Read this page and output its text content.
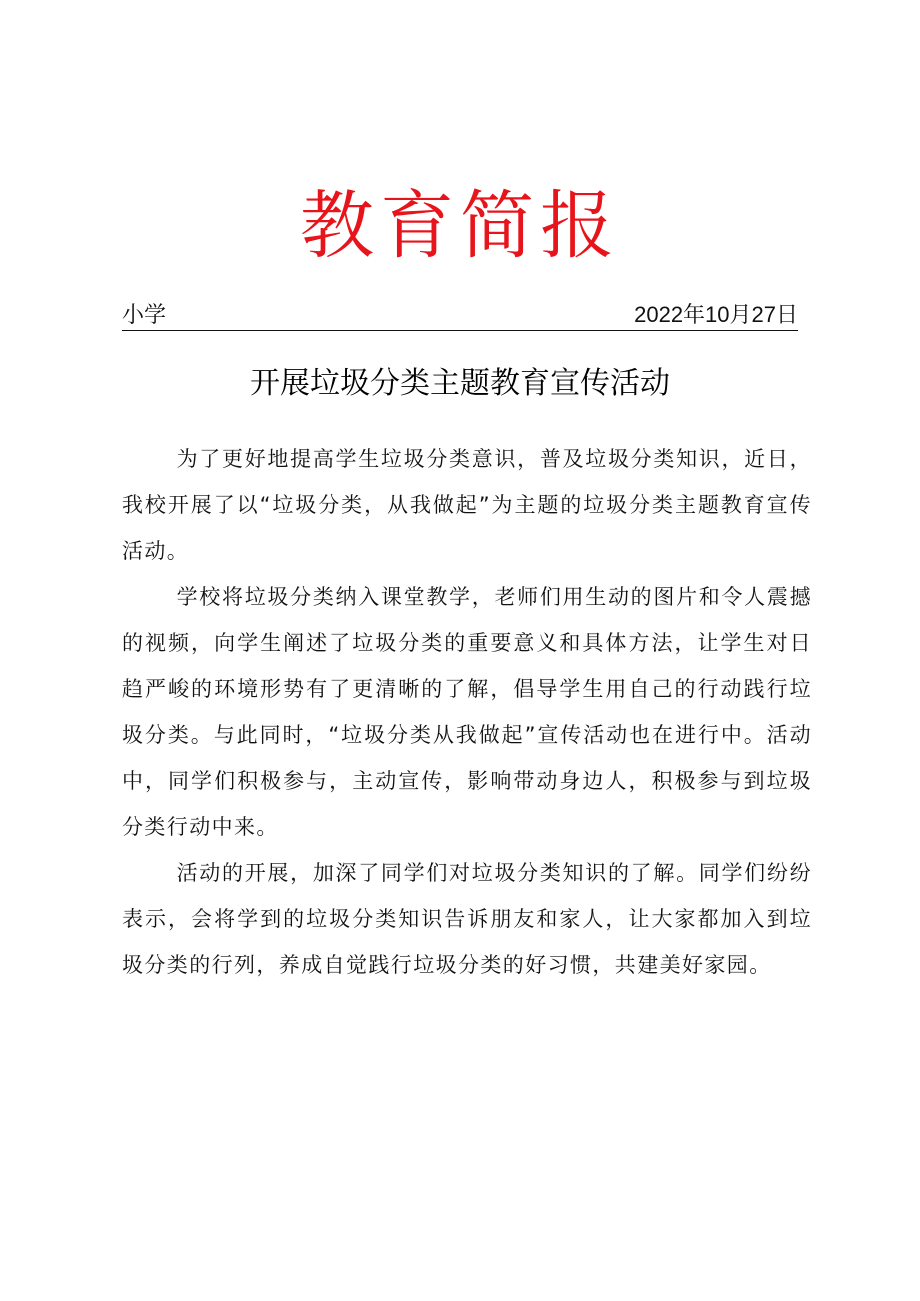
教育简报
小学	2022年10月27日
开展垃圾分类主题教育宣传活动

为了更好地提高学生垃圾分类意识，普及垃圾分类知识，近日，我校开展了以“垃圾分类，从我做起”为主题的垃圾分类主题教育宣传活动。

学校将垃圾分类纳入课堂教学，老师们用生动的图片和令人震撼的视频，向学生阐述了垃圾分类的重要意义和具体方法，让学生对日趋严峻的环境形势有了更清晰的了解，倡导学生用自己的行动践行垃圾分类。与此同时，“垃圾分类从我做起”宣传活动也在进行中。活动中，同学们积极参与，主动宣传，影响带动身边人，积极参与到垃圾分类行动中来。

活动的开展，加深了同学们对垃圾分类知识的了解。同学们纷纷表示，会将学到的垃圾分类知识告诉朋友和家人，让大家都加入到垃圾分类的行列，养成自觉践行垃圾分类的好习惯，共建美好家园。
